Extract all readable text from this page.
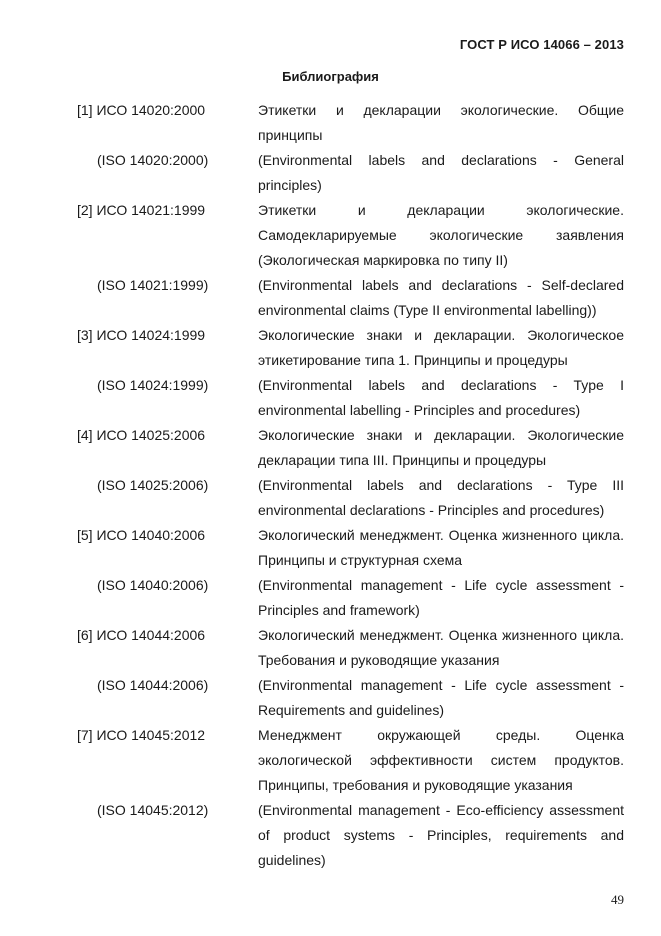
ГОСТ Р ИСО 14066 – 2013
Библиография
[1] ИСО 14020:2000	Этикетки и декларации экологические. Общие принципы
(ISO 14020:2000)	(Environmental labels and declarations - General principles)
[2] ИСО 14021:1999	Этикетки и декларации экологические. Самодекларируемые экологические заявления (Экологическая маркировка по типу II)
(ISO 14021:1999)	(Environmental labels and declarations - Self-declared environmental claims (Type II environmental labelling))
[3] ИСО 14024:1999	Экологические знаки и декларации. Экологическое этикетирование типа 1. Принципы и процедуры
(ISO 14024:1999)	(Environmental labels and declarations - Type I environmental labelling - Principles and procedures)
[4] ИСО 14025:2006	Экологические знаки и декларации. Экологические декларации типа III. Принципы и процедуры
(ISO 14025:2006)	(Environmental labels and declarations - Type III environmental declarations - Principles and procedures)
[5] ИСО 14040:2006	Экологический менеджмент. Оценка жизненного цикла. Принципы и структурная схема
(ISO 14040:2006)	(Environmental management - Life cycle assessment - Principles and framework)
[6] ИСО 14044:2006	Экологический менеджмент. Оценка жизненного цикла. Требования и руководящие указания
(ISO 14044:2006)	(Environmental management - Life cycle assessment - Requirements and guidelines)
[7] ИСО 14045:2012	Менеджмент окружающей среды. Оценка экологической эффективности систем продуктов. Принципы, требования и руководящие указания
(ISO 14045:2012)	(Environmental management - Eco-efficiency assessment of product systems - Principles, requirements and guidelines)
49
